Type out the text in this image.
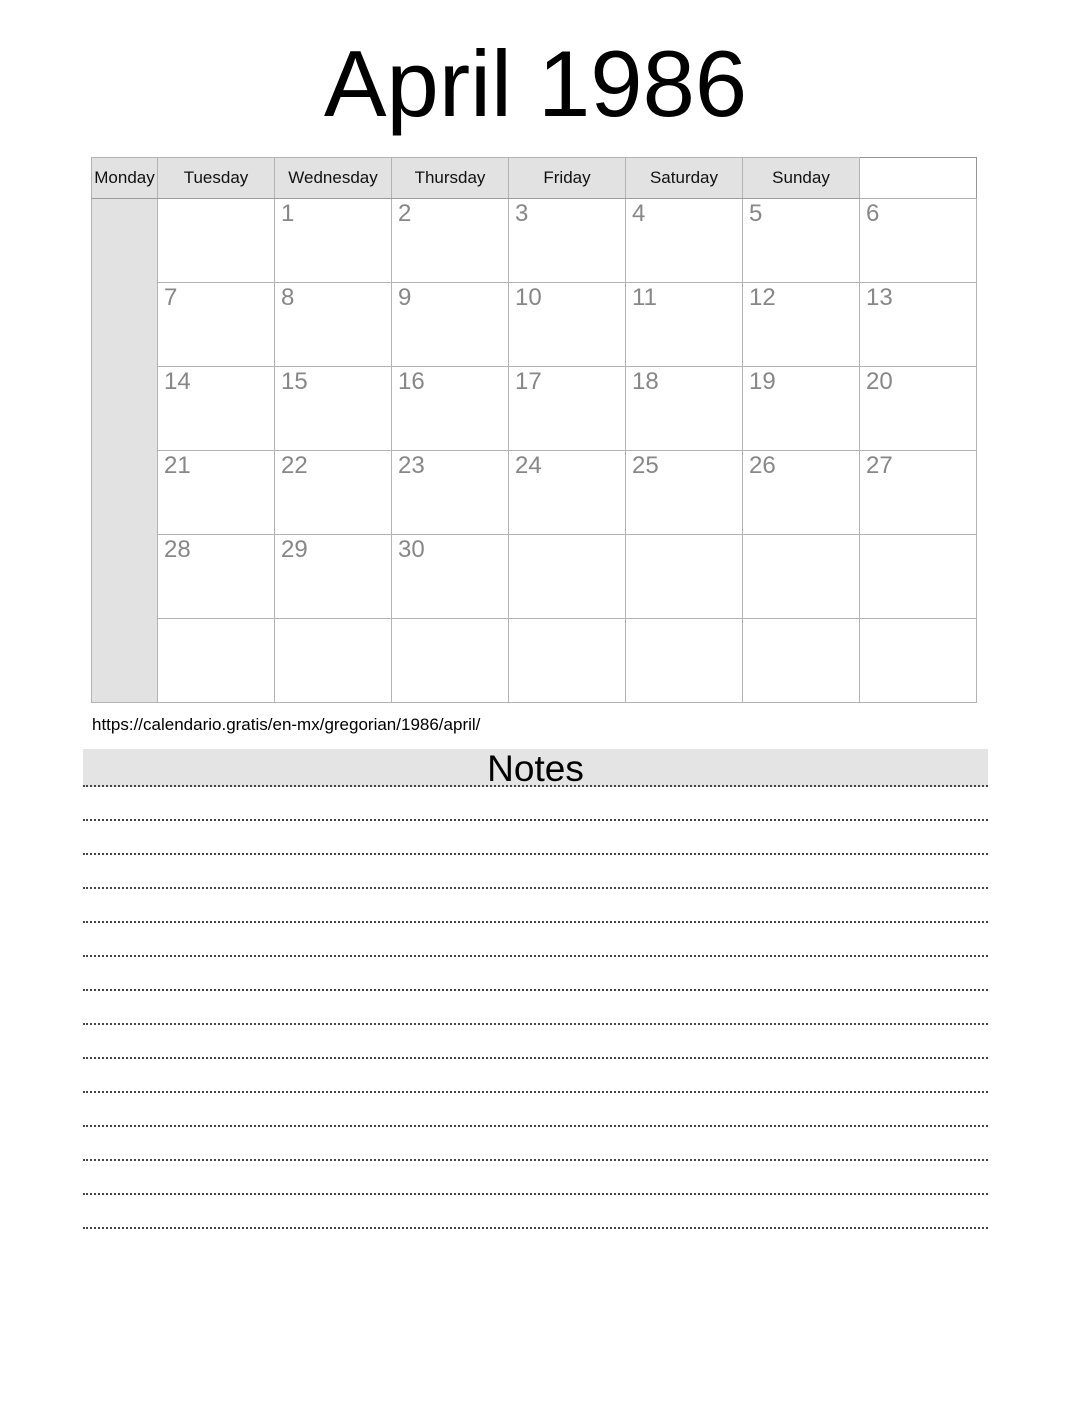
April 1986
Monday	Tuesday	Wednesday	Thursday	Friday	Saturday	Sunday	
		1	2	3	4	5	6
	7	8	9	10	11	12	13
	14	15	16	17	18	19	20
	21	22	23	24	25	26	27
	28	29	30				

https://calendario.gratis/en-mx/gregorian/1986/april/
Notes
